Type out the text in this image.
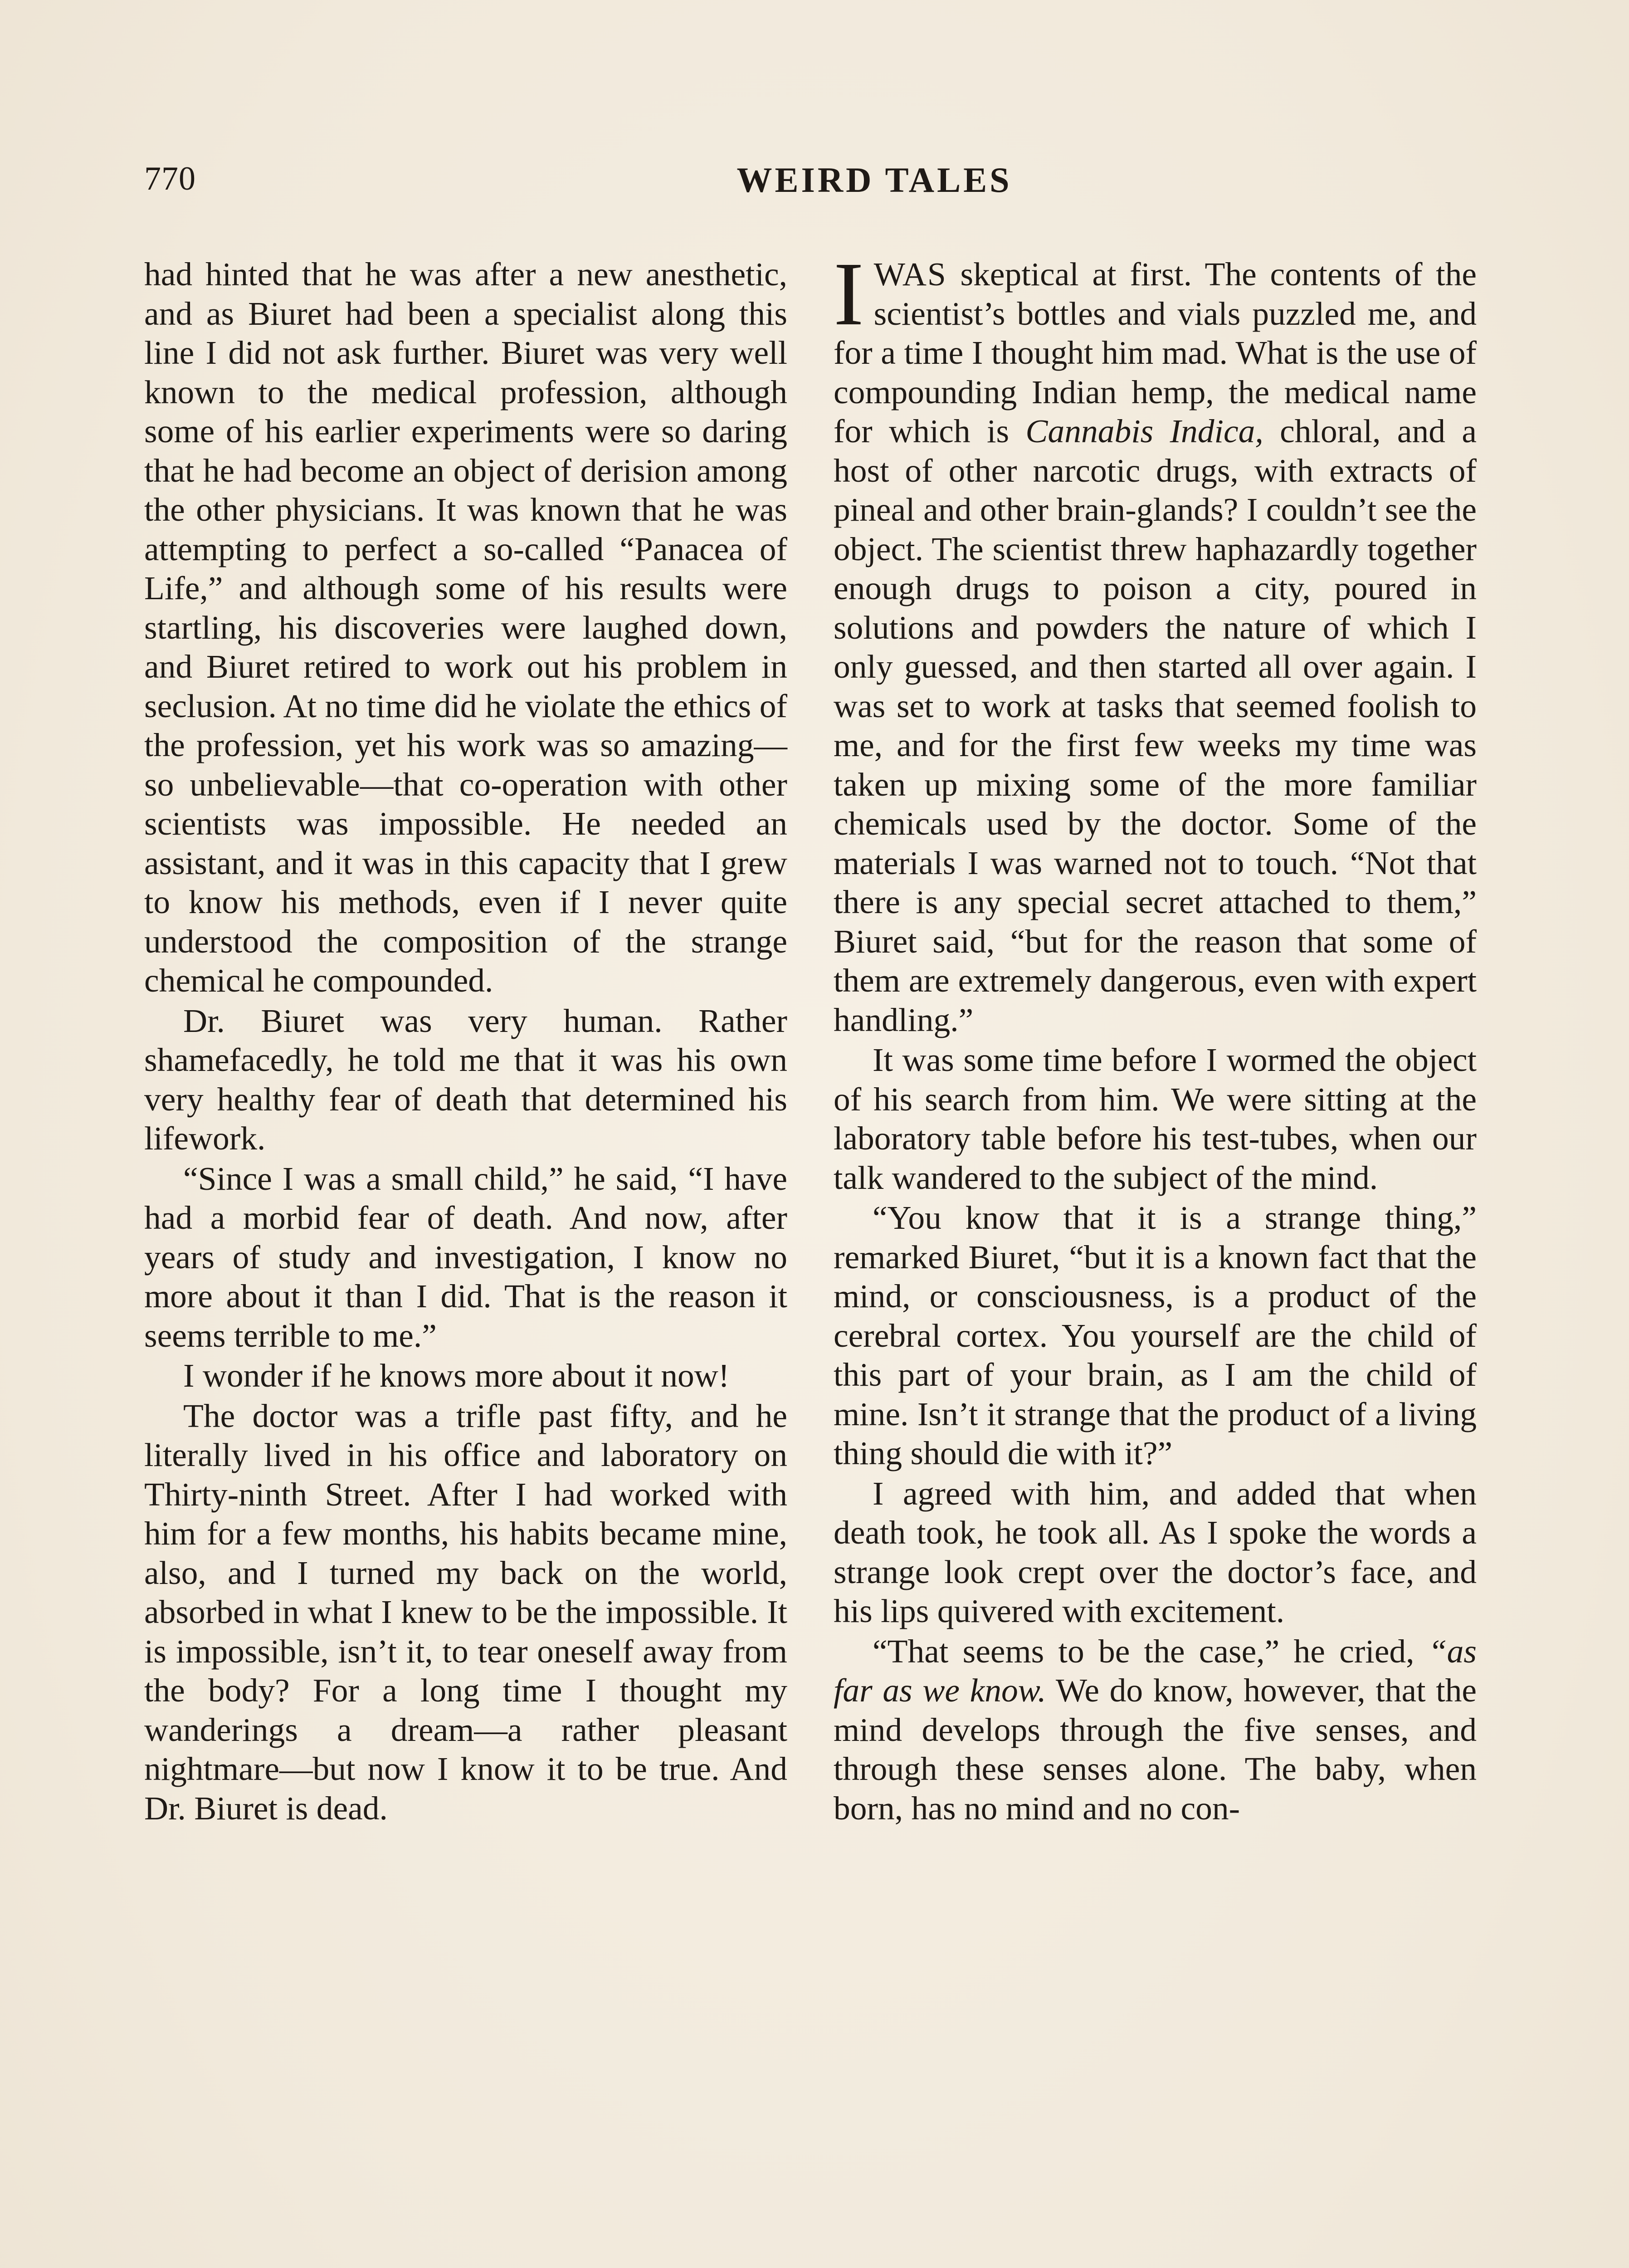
770	WEIRD TALES

had hinted that he was after a new anesthetic, and as Biuret had been a specialist along this line I did not ask further. Biuret was very well known to the medical profession, although some of his earlier experiments were so daring that he had become an object of derision among the other physicians. It was known that he was attempting to perfect a so-called “Panacea of Life,” and although some of his results were startling, his discoveries were laughed down, and Biuret retired to work out his problem in seclusion. At no time did he violate the ethics of the profession, yet his work was so amazing—so unbelievable—that co-operation with other scientists was impossible. He needed an assistant, and it was in this capacity that I grew to know his methods, even if I never quite understood the composition of the strange chemical he compounded.

Dr. Biuret was very human. Rather shamefacedly, he told me that it was his own very healthy fear of death that determined his lifework.

“Since I was a small child,” he said, “I have had a morbid fear of death. And now, after years of study and investigation, I know no more about it than I did. That is the reason it seems terrible to me.”

I wonder if he knows more about it now!

The doctor was a trifle past fifty, and he literally lived in his office and laboratory on Thirty-ninth Street. After I had worked with him for a few months, his habits became mine, also, and I turned my back on the world, absorbed in what I knew to be the impossible. It is impossible, isn’t it, to tear oneself away from the body? For a long time I thought my wanderings a dream—a rather pleasant nightmare—but now I know it to be true. And Dr. Biuret is dead.

IWAS skeptical at first. The contents of the scientist’s bottles and vials puzzled me, and for a time I thought him mad. What is the use of compounding Indian hemp, the medical name for which is Cannabis Indica, chloral, and a host of other narcotic drugs, with extracts of pineal and other brain-glands? I couldn’t see the object. The scientist threw haphazardly together enough drugs to poison a city, poured in solutions and powders the nature of which I only guessed, and then started all over again. I was set to work at tasks that seemed foolish to me, and for the first few weeks my time was taken up mixing some of the more familiar chemicals used by the doctor. Some of the materials I was warned not to touch. “Not that there is any special secret attached to them,” Biuret said, “but for the reason that some of them are extremely dangerous, even with expert handling.”

It was some time before I wormed the object of his search from him. We were sitting at the laboratory table before his test-tubes, when our talk wandered to the subject of the mind.

“You know that it is a strange thing,” remarked Biuret, “but it is a known fact that the mind, or consciousness, is a product of the cerebral cortex. You yourself are the child of this part of your brain, as I am the child of mine. Isn’t it strange that the product of a living thing should die with it?”

I agreed with him, and added that when death took, he took all. As I spoke the words a strange look crept over the doctor’s face, and his lips quivered with excitement.

“That seems to be the case,” he cried, “as far as we know. We do know, however, that the mind develops through the five senses, and through these senses alone. The baby, when born, has no mind and no con-
